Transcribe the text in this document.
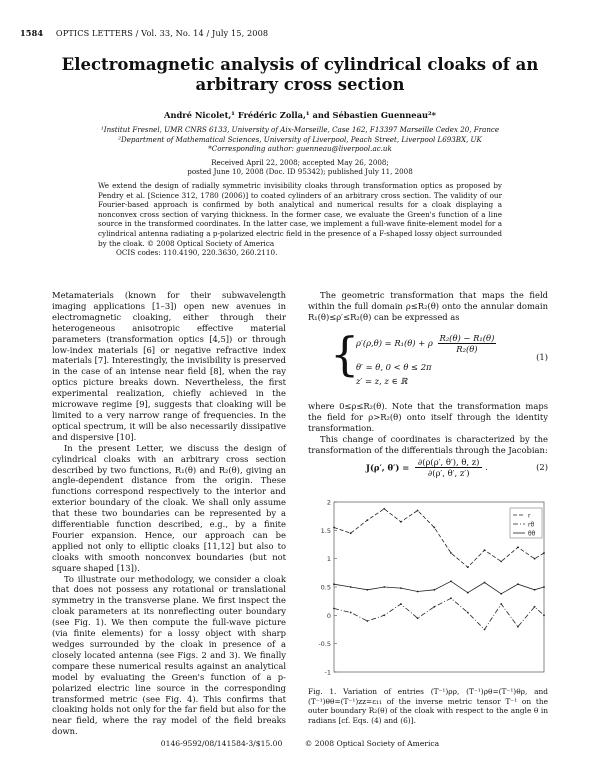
1584 OPTICS LETTERS / Vol. 33, No. 14 / July 15, 2008
Electromagnetic analysis of cylindrical cloaks of an arbitrary cross section
André Nicolet,¹ Frédéric Zolla,¹ and Sébastien Guenneau²*
¹Institut Fresnel, UMR CNRS 6133, University of Aix-Marseille, Case 162, F13397 Marseille Cedex 20, France
²Department of Mathematical Sciences, University of Liverpool, Peach Street, Liverpool L693BX, UK
*Corresponding author: guenneau@liverpool.ac.uk
Received April 22, 2008; accepted May 26, 2008;
posted June 10, 2008 (Doc. ID 95342); published July 11, 2008
We extend the design of radially symmetric invisibility cloaks through transformation optics as proposed by Pendry et al. [Science 312, 1780 (2006)] to coated cylinders of an arbitrary cross section. The validity of our Fourier-based approach is confirmed by both analytical and numerical results for a cloak displaying a nonconvex cross section of varying thickness. In the former case, we evaluate the Green's function of a line source in the transformed coordinates. In the latter case, we implement a full-wave finite-element model for a cylindrical antenna radiating a p-polarized electric field in the presence of a F-shaped lossy object surrounded by the cloak. © 2008 Optical Society of America
OCIS codes: 110.4190, 220.3630, 260.2110.

Metamaterials (known for their subwavelength imaging applications [1–3]) open new avenues in electromagnetic cloaking, either through their heterogeneous anisotropic effective material parameters (transformation optics [4,5]) or through low-index materials [6] or negative refractive index materials [7]. Interestingly, the invisibility is preserved in the case of an intense near field [8], when the ray optics picture breaks down. Nevertheless, the first experimental realization, chiefly achieved in the microwave regime [9], suggests that cloaking will be limited to a very narrow range of frequencies. In the optical spectrum, it will be also necessarily dissipative and dispersive [10].

In the present Letter, we discuss the design of cylindrical cloaks with an arbitrary cross section described by two functions, R₁(θ) and R₂(θ), giving an angle-dependent distance from the origin. These functions correspond respectively to the interior and exterior boundary of the cloak. We shall only assume that these two boundaries can be represented by a differentiable function described, e.g., by a finite Fourier expansion. Hence, our approach can be applied not only to elliptic cloaks [11,12] but also to cloaks with smooth nonconvex boundaries (but not square shaped [13]).

To illustrate our methodology, we consider a cloak that does not possess any rotational or translational symmetry in the transverse plane. We first inspect the cloak parameters at its nonreflecting outer boundary (see Fig. 1). We then compute the full-wave picture (via finite elements) for a lossy object with sharp wedges surrounded by the cloak in presence of a closely located antenna (see Figs. 2 and 3). We finally compare these numerical results against an analytical model by evaluating the Green's function of a p-polarized electric line source in the corresponding transformed metric (see Fig. 4). This confirms that cloaking holds not only for the far field but also for the near field, where the ray model of the field breaks down.

The geometric transformation that maps the field within the full domain ρ≤R₂(θ) onto the annular domain R₁(θ)≤ρ′≤R₂(θ) can be expressed as

{
ρ′(ρ,θ) = R₁(θ) + ρ $\frac{\text{R₂(θ) − R₁(θ)}}{\text{R₂(θ)}}$
θ′ = θ, 0 < θ ≤ 2π
z′ = z, z ∈ ℝ
(1)

where 0≤ρ≤R₂(θ). Note that the transformation maps the field for ρ>R₂(θ) onto itself through the identity transformation.

This change of coordinates is characterized by the transformation of the differentials through the Jacobian:

J(ρ′, $\theta') = \frac{\partial(\rho(\rho', \theta'), \theta, z)}{\partial(\rho', \theta', z')}$ .	(2)
2
1.5
1
0.5
0
-0.5
-1
r
rθ
θθ
Fig. 1. Variation of entries (T⁻¹)ρρ, (T⁻¹)ρθ=(T⁻¹)θρ, and (T⁻¹)θθ=(T⁻¹)zz=ε₁₁ of the inverse metric tensor T⁻¹ on the outer boundary R₂(θ) of the cloak with respect to the angle θ in radians [cf. Eqs. (4) and (6)].
0146-9592/08/141584-3/$15.00	© 2008 Optical Society of America
